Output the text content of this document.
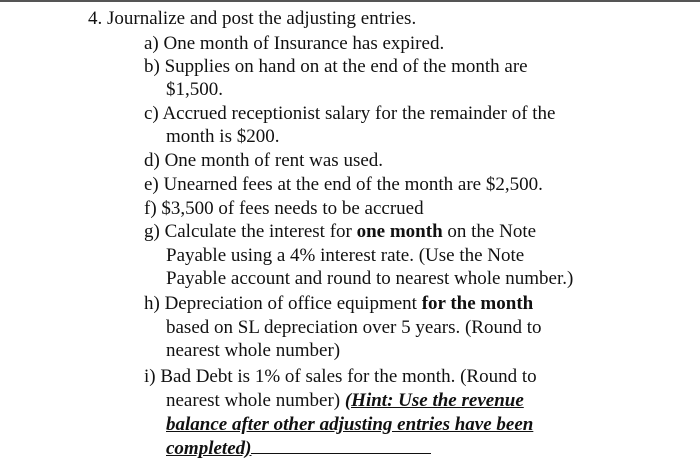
4. Journalize and post the adjusting entries.
a) One month of Insurance has expired.
b) Supplies on hand on at the end of the month are
$1,500.
c) Accrued receptionist salary for the remainder of the
month is $200.
d) One month of rent was used.
e) Unearned fees at the end of the month are $2,500.
f) $3,500 of fees needs to be accrued
g) Calculate the interest for one month on the Note
Payable using a 4% interest rate. (Use the Note
Payable account and round to nearest whole number.)
h) Depreciation of office equipment for the month
based on SL depreciation over 5 years. (Round to
nearest whole number)
i) Bad Debt is 1% of sales for the month. (Round to
nearest whole number) (Hint: Use the revenue
balance after other adjusting entries have been
completed)
